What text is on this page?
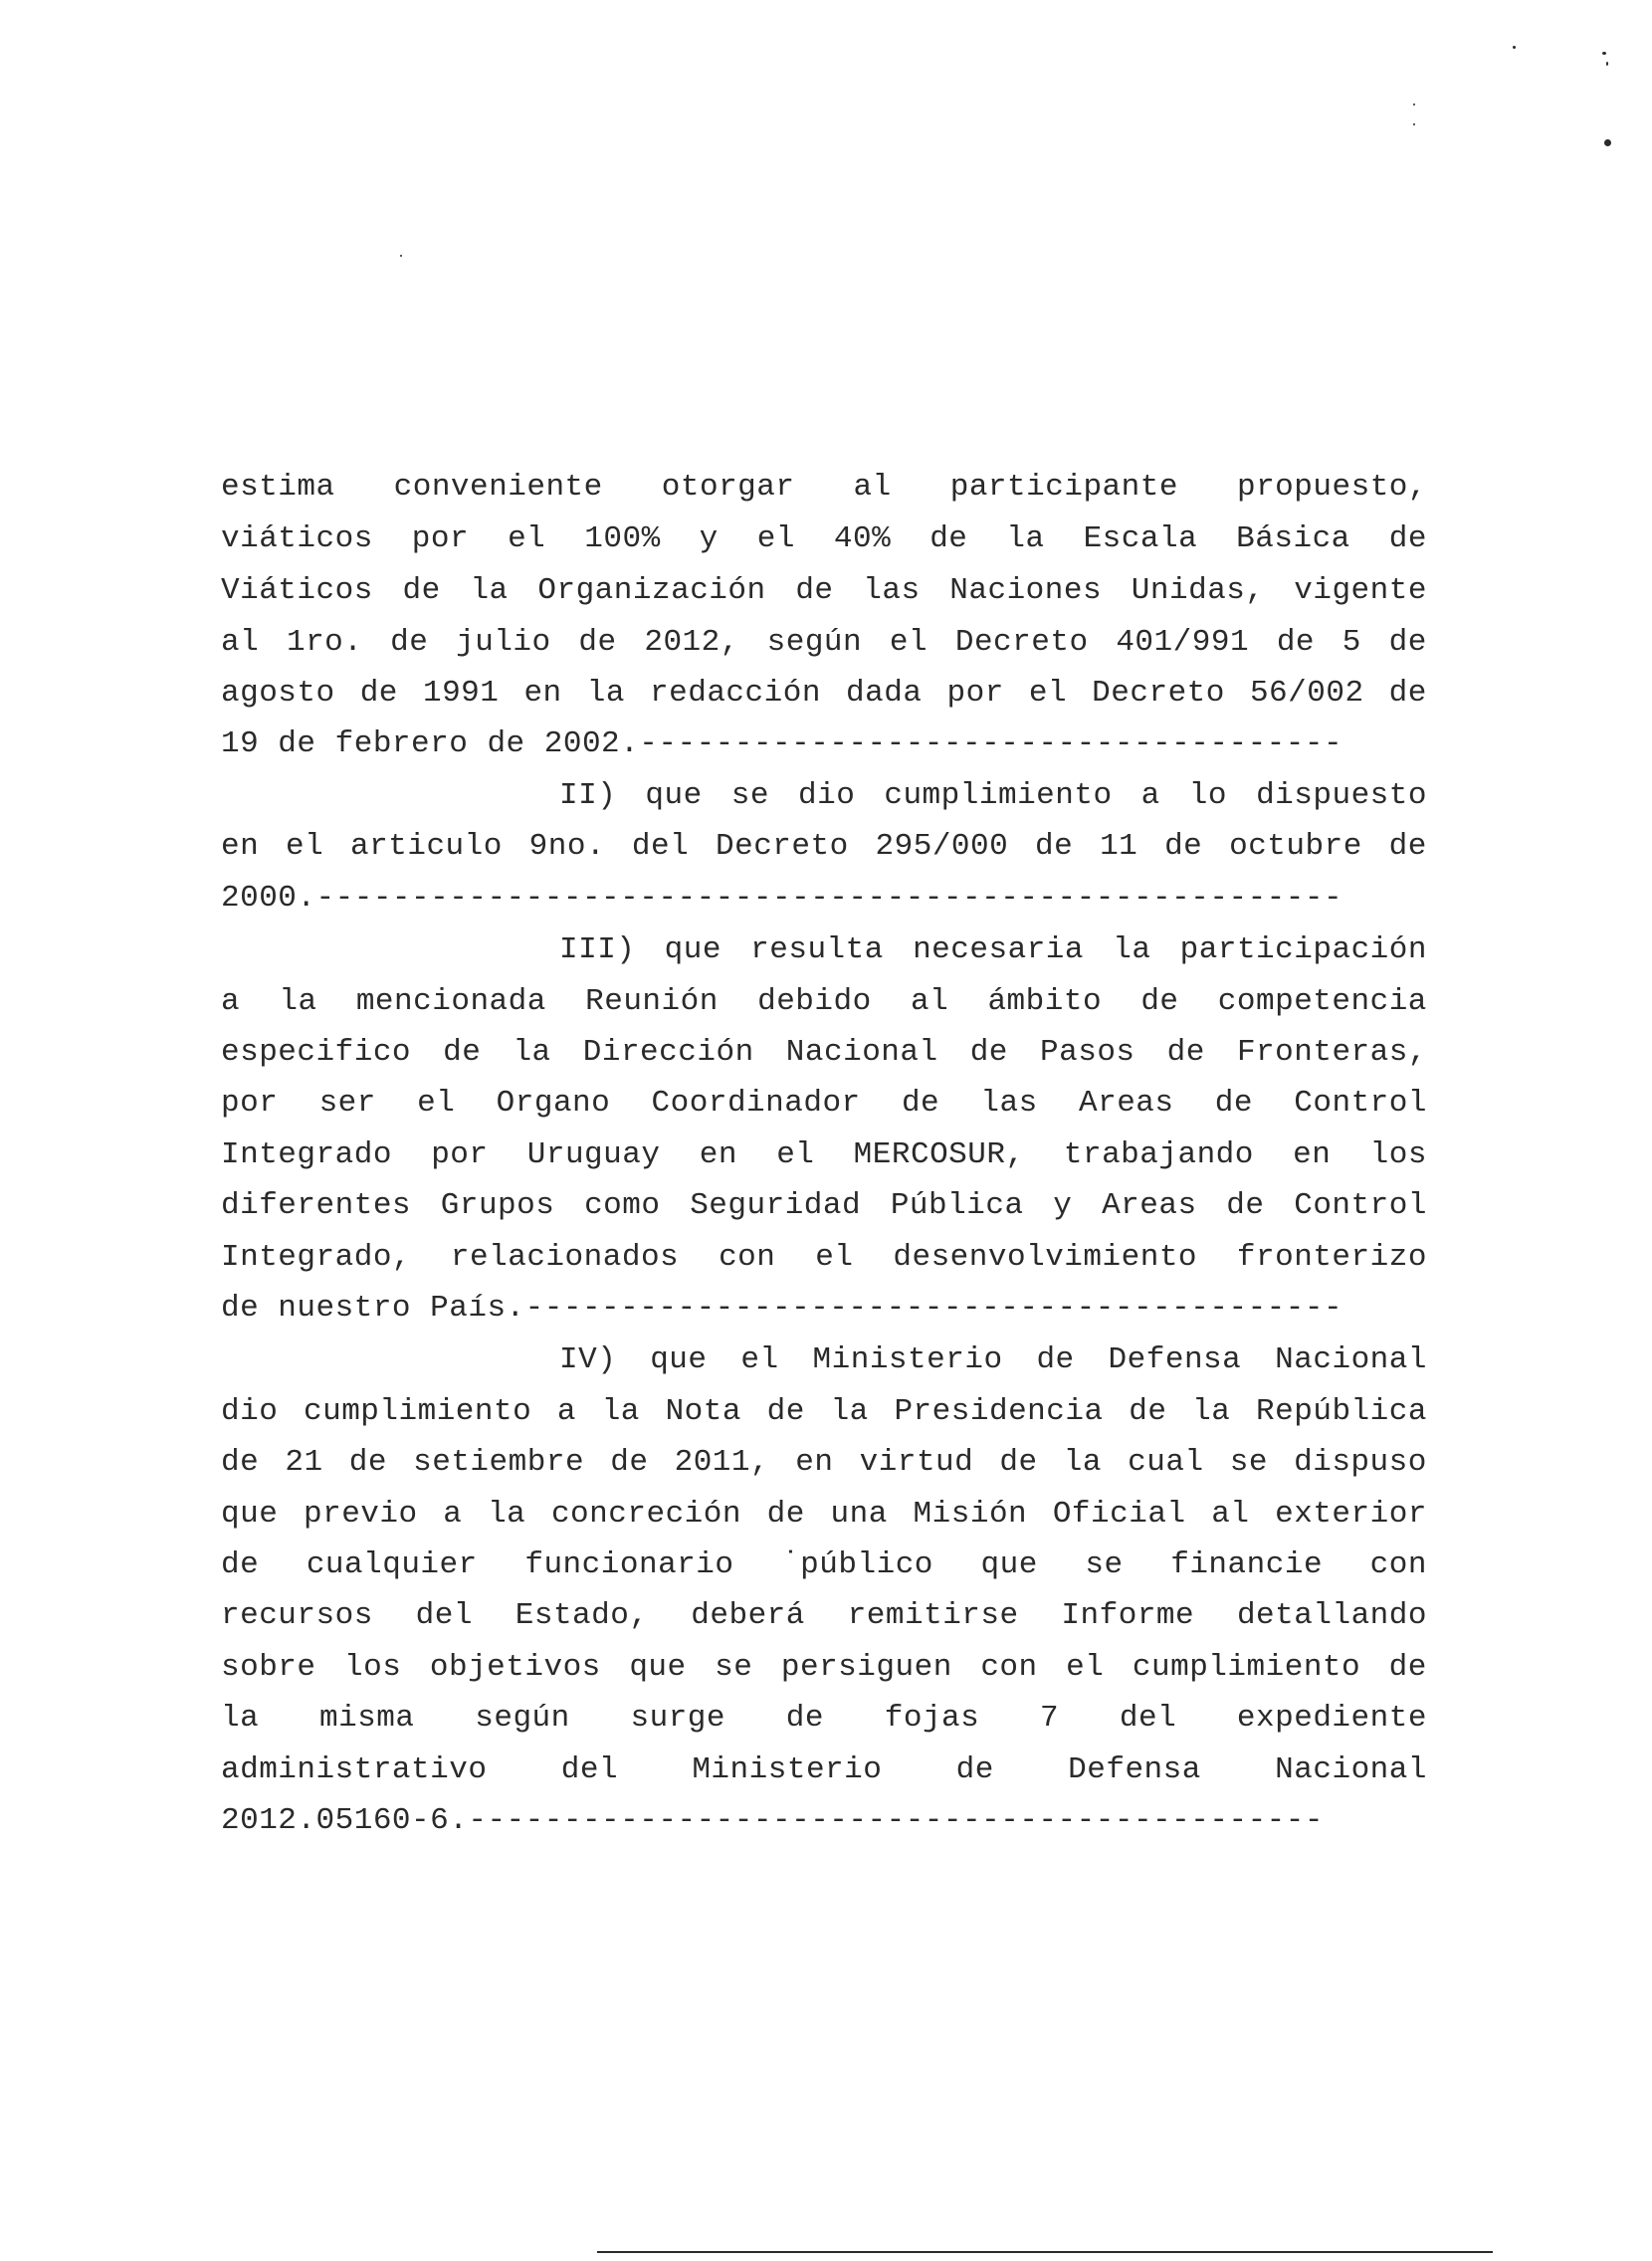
estima conveniente otorgar al participante propuesto,
viáticos por el 100% y el 40% de la Escala Básica de
Viáticos de la Organización de las Naciones Unidas, vigente
al 1ro. de julio de 2012, según el Decreto 401/991 de 5 de
agosto de 1991 en la redacción dada por el Decreto 56/002 de
19 de febrero de 2002.-------------------------------------
II) que se dio cumplimiento a lo dispuesto
en el articulo 9no. del Decreto 295/000 de 11 de octubre de
2000.------------------------------------------------------
III) que resulta necesaria la participación
a la mencionada Reunión debido al ámbito de competencia
especifico de la Dirección Nacional de Pasos de Fronteras,
por ser el Organo Coordinador de las Areas de Control
Integrado por Uruguay en el MERCOSUR, trabajando en los
diferentes Grupos como Seguridad Pública y Areas de Control
Integrado, relacionados con el desenvolvimiento fronterizo
de nuestro País.-------------------------------------------
IV) que el Ministerio de Defensa Nacional
dio cumplimiento a la Nota de la Presidencia de la República
de 21 de setiembre de 2011, en virtud de la cual se dispuso
que previo a la concreción de una Misión Oficial al exterior
de cualquier funcionario ˙público que se financie con
recursos del Estado, deberá remitirse Informe detallando
sobre los objetivos que se persiguen con el cumplimiento de
la misma según surge de fojas 7 del expediente
administrativo del Ministerio de Defensa Nacional
2012.05160-6.---------------------------------------------
